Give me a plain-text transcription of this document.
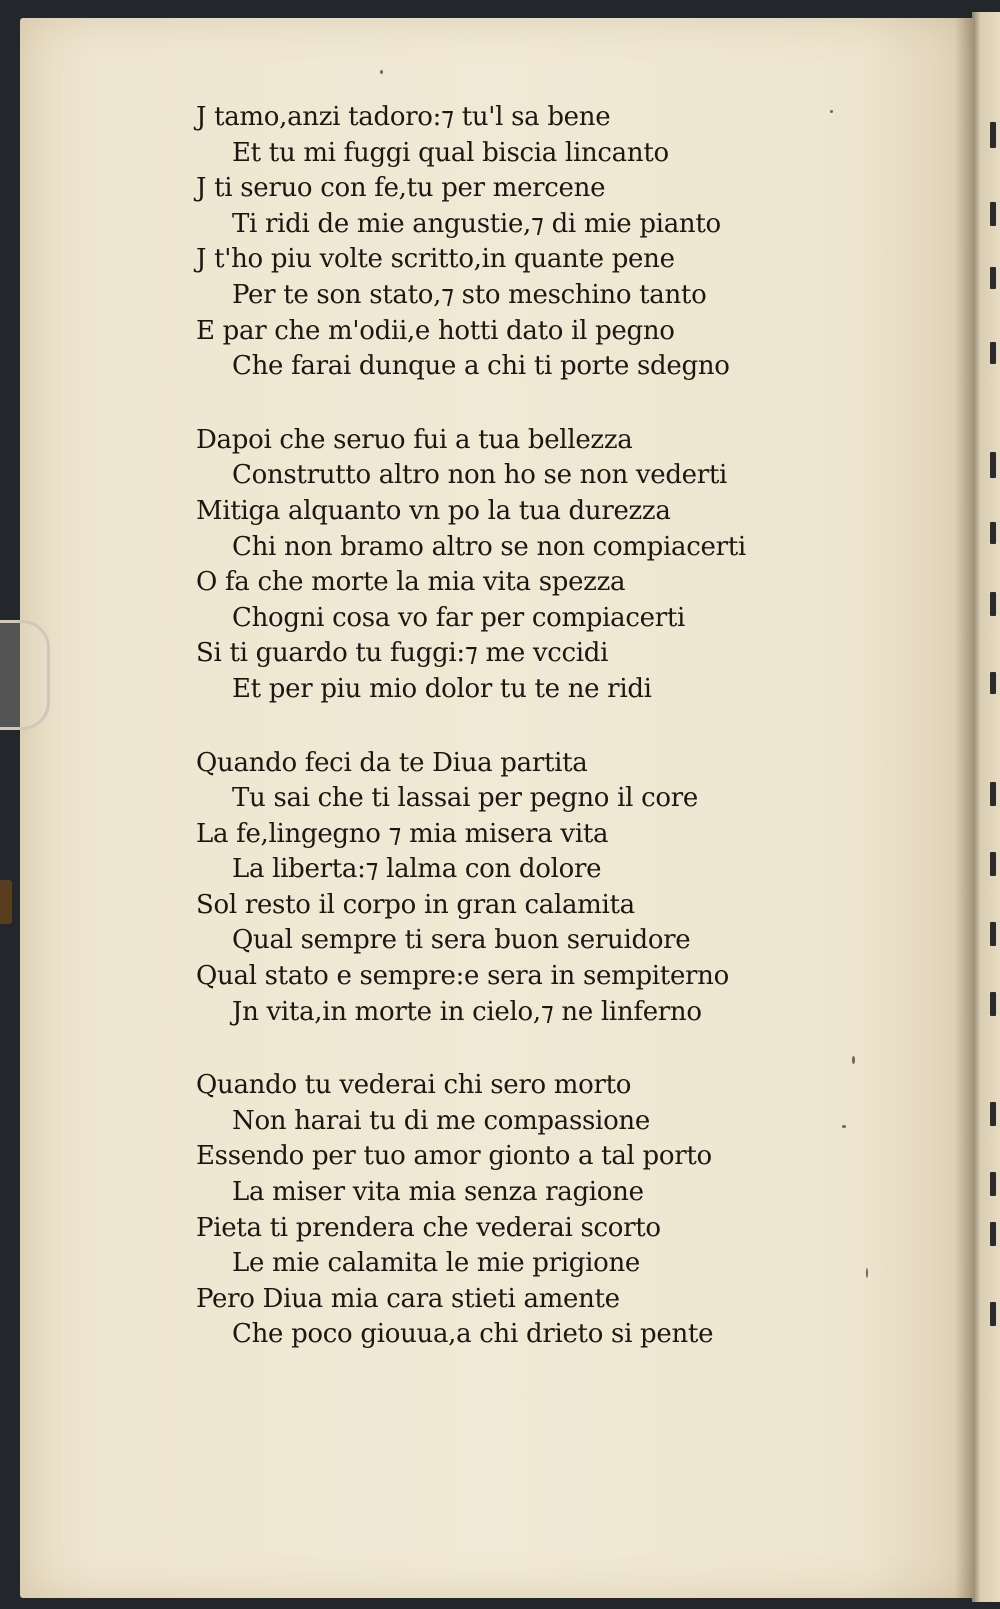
J tamo,anzi tadoro:⁊ tu'l sa bene
Et tu mi fuggi qual biscia lincanto
J ti seruo con fe,tu per mercene
Ti ridi de mie angustie,⁊ di mie pianto
J t'ho piu volte scritto,in quante pene
Per te son stato,⁊ sto meschino tanto
E par che m'odii,e hotti dato il pegno
Che farai dunque a chi ti porte sdegno
Dapoi che seruo fui a tua bellezza
Construtto altro non ho se non vederti
Mitiga alquanto vn po la tua durezza
Chi non bramo altro se non compiacerti
O fa che morte la mia vita spezza
Chogni cosa vo far per compiacerti
Si ti guardo tu fuggi:⁊ me vccidi
Et per piu mio dolor tu te ne ridi
Quando feci da te Diua partita
Tu sai che ti lassai per pegno il core
La fe,lingegno ⁊ mia misera vita
La liberta:⁊ lalma con dolore
Sol resto il corpo in gran calamita
Qual sempre ti sera buon seruidore
Qual stato e sempre:e sera in sempiterno
Jn vita,in morte in cielo,⁊ ne linferno
Quando tu vederai chi sero morto
Non harai tu di me compassione
Essendo per tuo amor gionto a tal porto
La miser vita mia senza ragione
Pieta ti prendera che vederai scorto
Le mie calamita le mie prigione
Pero Diua mia cara stieti amente
Che poco giouua,a chi drieto si pente
